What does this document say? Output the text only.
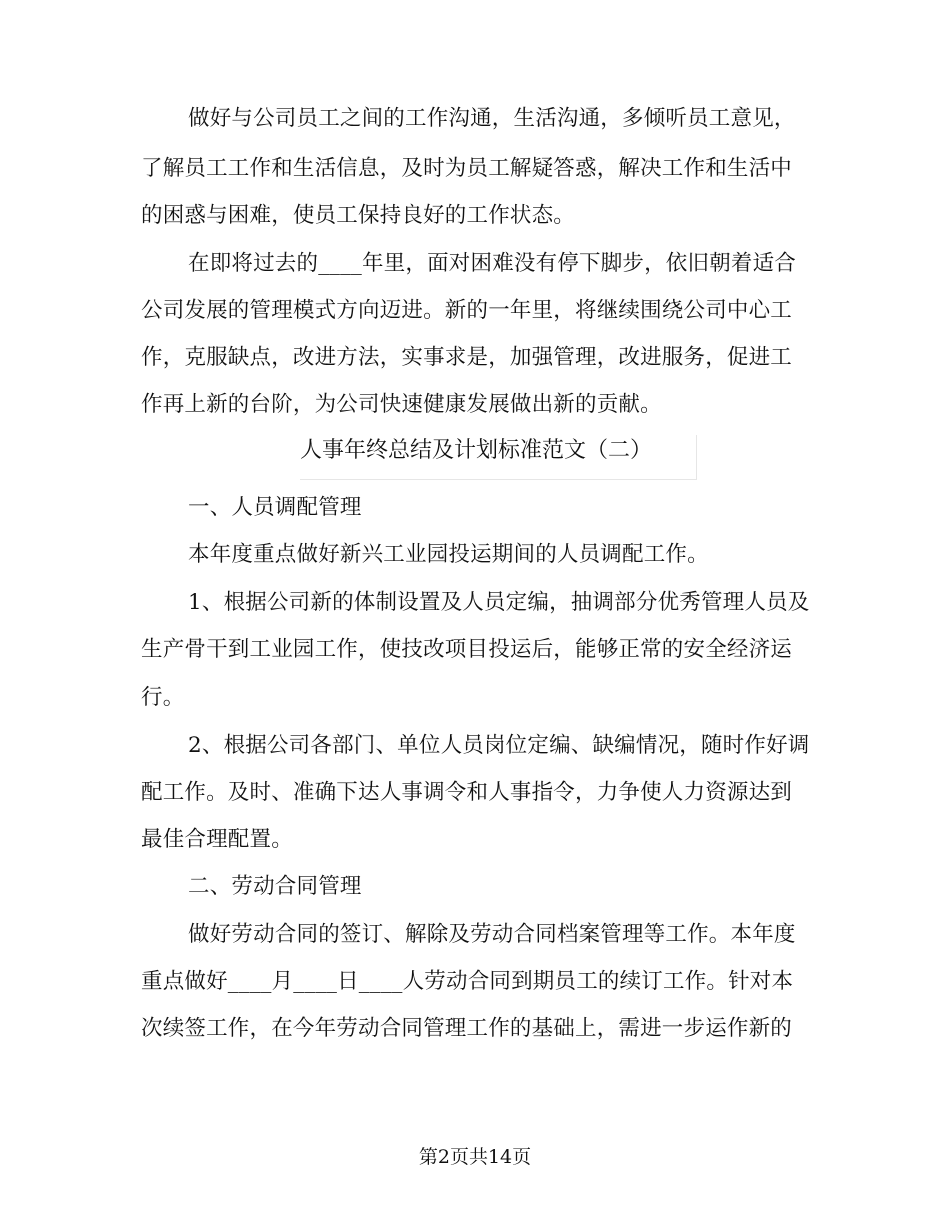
做好与公司员工之间的工作沟通，生活沟通，多倾听员工意见，
了解员工工作和生活信息，及时为员工解疑答惑，解决工作和生活中
的困惑与困难，使员工保持良好的工作状态。
在即将过去的____年里，面对困难没有停下脚步，依旧朝着适合
公司发展的管理模式方向迈进。新的一年里，将继续围绕公司中心工
作，克服缺点，改进方法，实事求是，加强管理，改进服务，促进工
作再上新的台阶，为公司快速健康发展做出新的贡献。
人事年终总结及计划标准范文（二）
一、人员调配管理
本年度重点做好新兴工业园投运期间的人员调配工作。
1、根据公司新的体制设置及人员定编，抽调部分优秀管理人员及
生产骨干到工业园工作，使技改项目投运后，能够正常的安全经济运
行。
2、根据公司各部门、单位人员岗位定编、缺编情况，随时作好调
配工作。及时、准确下达人事调令和人事指令，力争使人力资源达到
最佳合理配置。
二、劳动合同管理
做好劳动合同的签订、解除及劳动合同档案管理等工作。本年度
重点做好____月____日____人劳动合同到期员工的续订工作。针对本
次续签工作，在今年劳动合同管理工作的基础上，需进一步运作新的
第2页共14页
